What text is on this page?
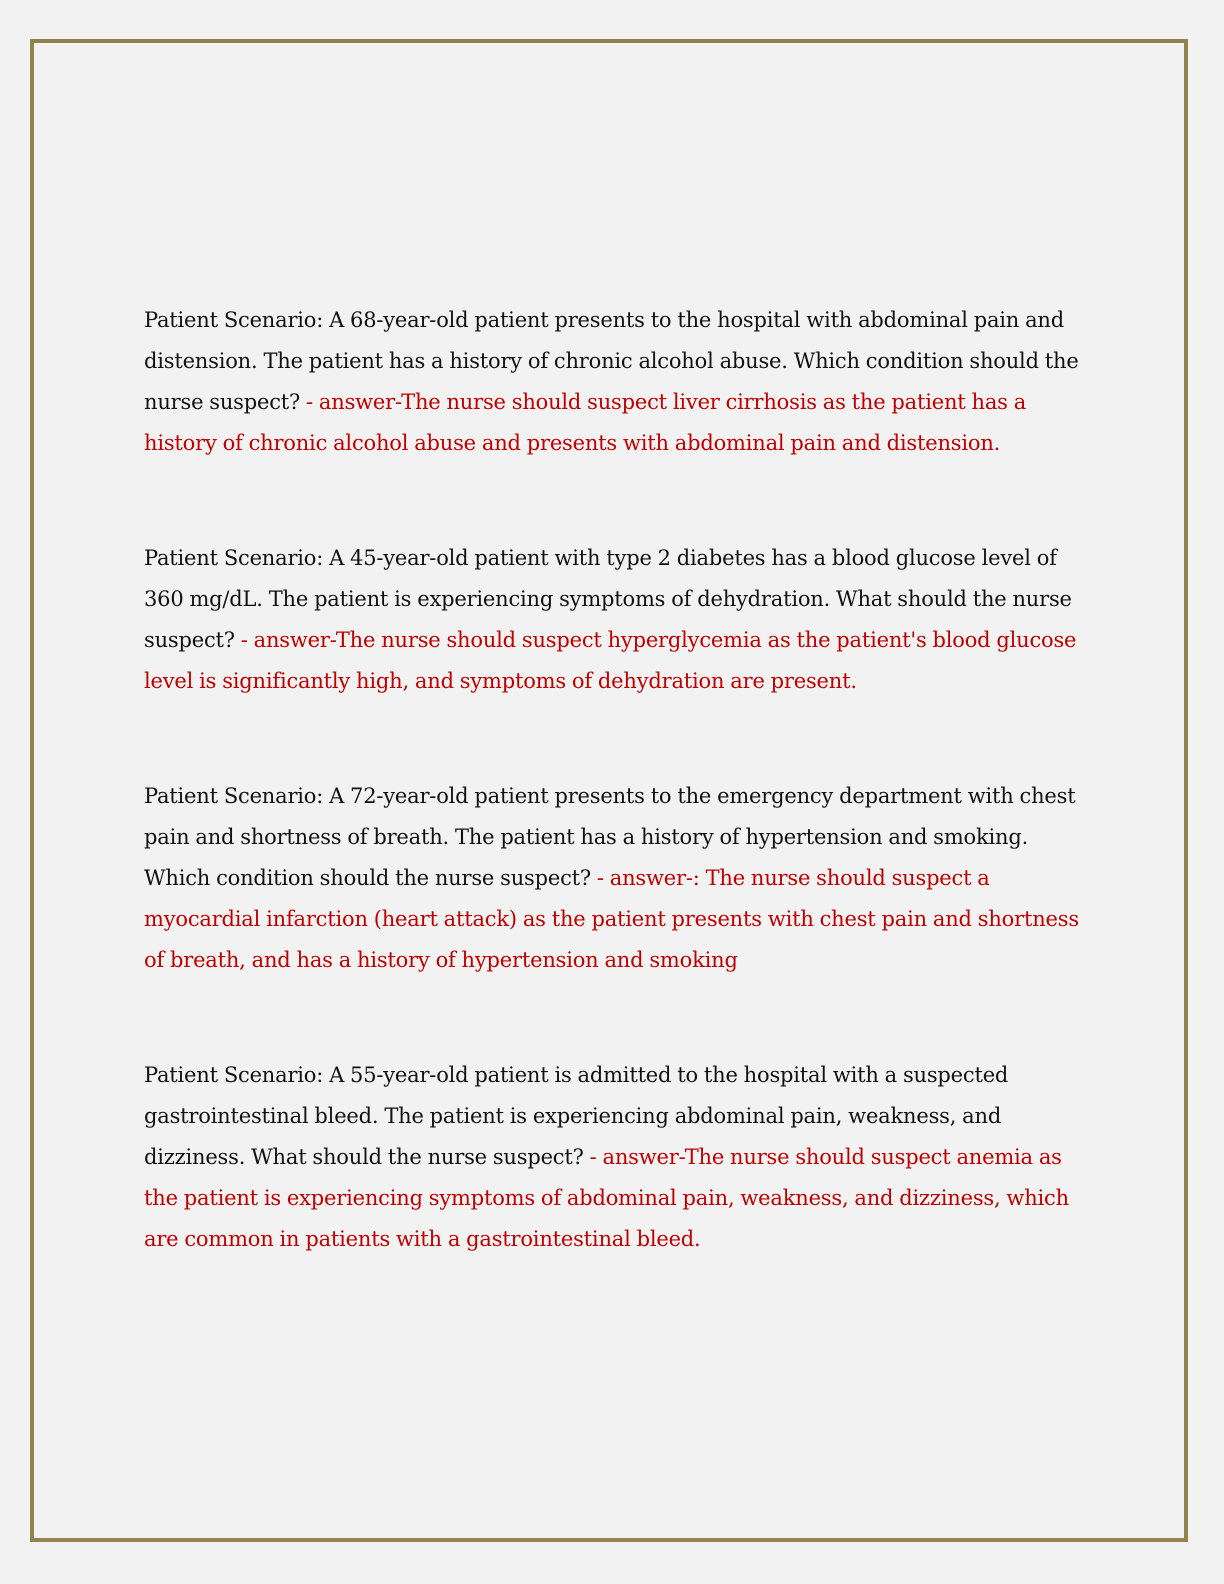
Patient Scenario: A 68-year-old patient presents to the hospital with abdominal pain and distension. The patient has a history of chronic alcohol abuse. Which condition should the nurse suspect? - answer-The nurse should suspect liver cirrhosis as the patient has a history of chronic alcohol abuse and presents with abdominal pain and distension.

Patient Scenario: A 45-year-old patient with type 2 diabetes has a blood glucose level of 360 mg/dL. The patient is experiencing symptoms of dehydration. What should the nurse suspect? - answer-The nurse should suspect hyperglycemia as the patient's blood glucose level is significantly high, and symptoms of dehydration are present.

Patient Scenario: A 72-year-old patient presents to the emergency department with chest pain and shortness of breath. The patient has a history of hypertension and smoking. Which condition should the nurse suspect? - answer-: The nurse should suspect a myocardial infarction (heart attack) as the patient presents with chest pain and shortness of breath, and has a history of hypertension and smoking

Patient Scenario: A 55-year-old patient is admitted to the hospital with a suspected gastrointestinal bleed. The patient is experiencing abdominal pain, weakness, and dizziness. What should the nurse suspect? - answer-The nurse should suspect anemia as the patient is experiencing symptoms of abdominal pain, weakness, and dizziness, which are common in patients with a gastrointestinal bleed.
